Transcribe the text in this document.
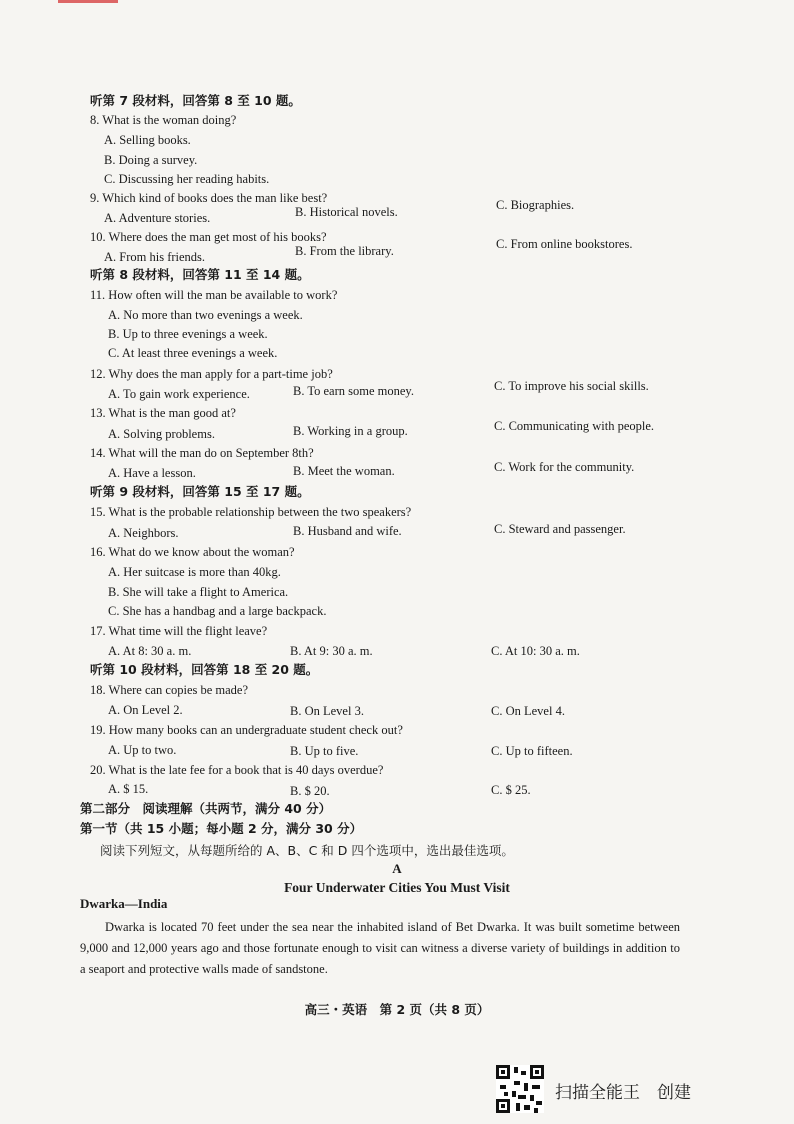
听第 7 段材料，回答第 8 至 10 题。
8. What is the woman doing?
A. Selling books.
B. Doing a survey.
C. Discussing her reading habits.
9. Which kind of books does the man like best?
A. Adventure stories.	B. Historical novels.	C. Biographies.
10. Where does the man get most of his books?
A. From his friends.	B. From the library.	C. From online bookstores.
听第 8 段材料，回答第 11 至 14 题。
11. How often will the man be available to work?
A. No more than two evenings a week.
B. Up to three evenings a week.
C. At least three evenings a week.
12. Why does the man apply for a part-time job?
A. To gain work experience.	B. To earn some money.	C. To improve his social skills.
13. What is the man good at?
A. Solving problems.	B. Working in a group.	C. Communicating with people.
14. What will the man do on September 8th?
A. Have a lesson.	B. Meet the woman.	C. Work for the community.
听第 9 段材料，回答第 15 至 17 题。
15. What is the probable relationship between the two speakers?
A. Neighbors.	B. Husband and wife.	C. Steward and passenger.
16. What do we know about the woman?
A. Her suitcase is more than 40kg.
B. She will take a flight to America.
C. She has a handbag and a large backpack.
17. What time will the flight leave?
A. At 8: 30 a. m.	B. At 9: 30 a. m.	C. At 10: 30 a. m.
听第 10 段材料，回答第 18 至 20 题。
18. Where can copies be made?
A. On Level 2.	B. On Level 3.	C. On Level 4.
19. How many books can an undergraduate student check out?
A. Up to two.	B. Up to five.	C. Up to fifteen.
20. What is the late fee for a book that is 40 days overdue?
A. $ 15.	B. $ 20.	C. $ 25.
第二部分　阅读理解（共两节，满分 40 分）
第一节（共 15 小题；每小题 2 分，满分 30 分）
阅读下列短文，从每题所给的 A、B、C 和 D 四个选项中，选出最佳选项。
A
Four Underwater Cities You Must Visit
Dwarka—India
Dwarka is located 70 feet under the sea near the inhabited island of Bet Dwarka. It was built sometime between 9,000 and 12,000 years ago and those fortunate enough to visit can witness a diverse variety of buildings in addition to a seaport and protective walls made of sandstone.
高三・英语　第 2 页（共 8 页）
扫描全能王　创建
